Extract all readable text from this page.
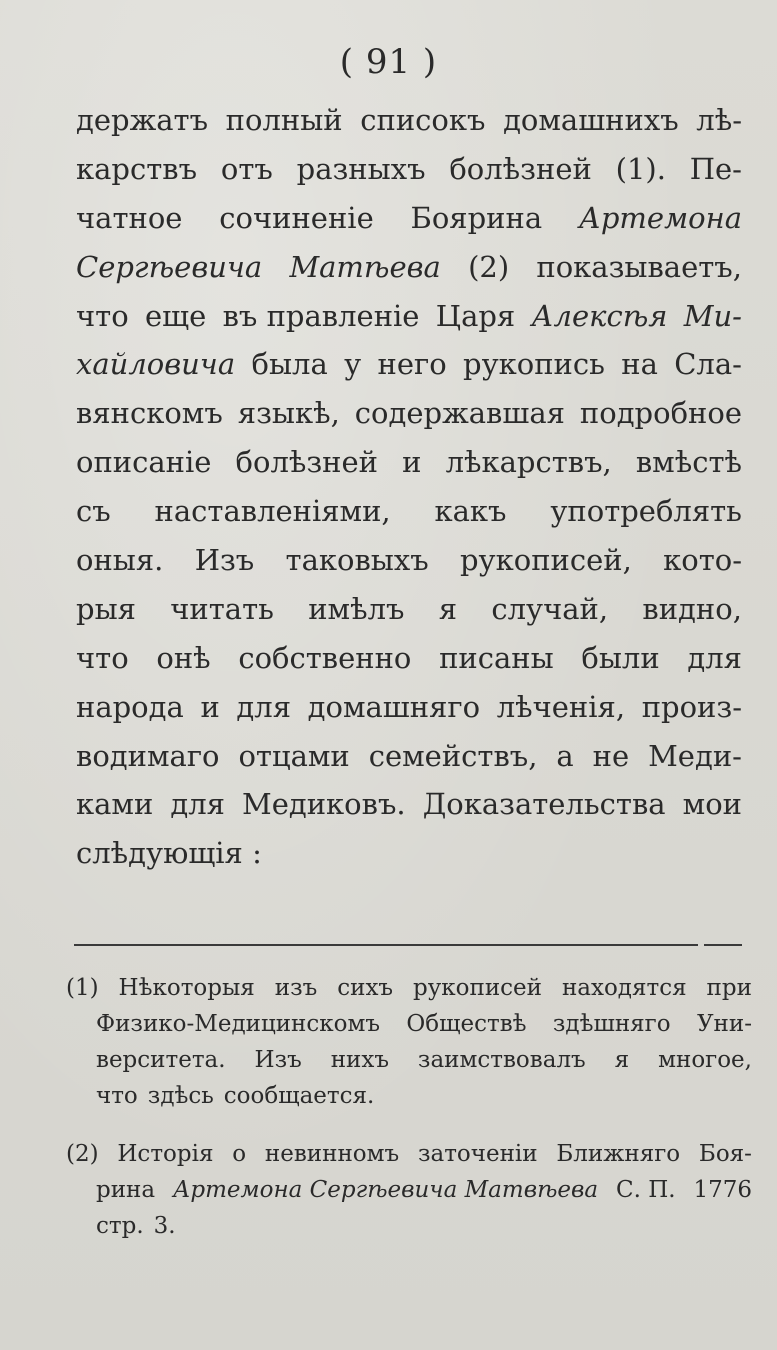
( 91 )
держатъ полный списокъ домашнихъ лѣ-
карствъ отъ разныхъ болѣзней (1). Пе-
чатное сочиненіе Боярина Артемона
Сергѣевича Матѣева (2) показываетъ,
что еще въ правленіе Царя Алексѣя Ми-
хайловича была у него рукопись на Сла-
вянскомъ языкѣ, содержавшая подробное
описаніе болѣзней и лѣкарствъ, вмѣстѣ
съ наставленіями, какъ употреблять
оныя. Изъ таковыхъ рукописей, кото-
рыя читать имѣлъ я случай, видно,
что онѣ собственно писаны были для
народа и для домашняго лѣченія, произ-
водимаго отцами семействъ, а не Меди-
ками для Медиковъ. Доказательства мои
слѣдующія :
(1) Нѣкоторыя изъ сихъ рукописей находятся при
Физико-Медицинскомъ Обществѣ здѣшняго Уни-
верситета. Изъ нихъ заимствовалъ я многое,
что здѣсь сообщается.
(2) Исторія о невинномъ заточеніи Ближняго Боя-
рина Артемона Сергѣевича Матвѣева С. П. 1776
стр. 3.
